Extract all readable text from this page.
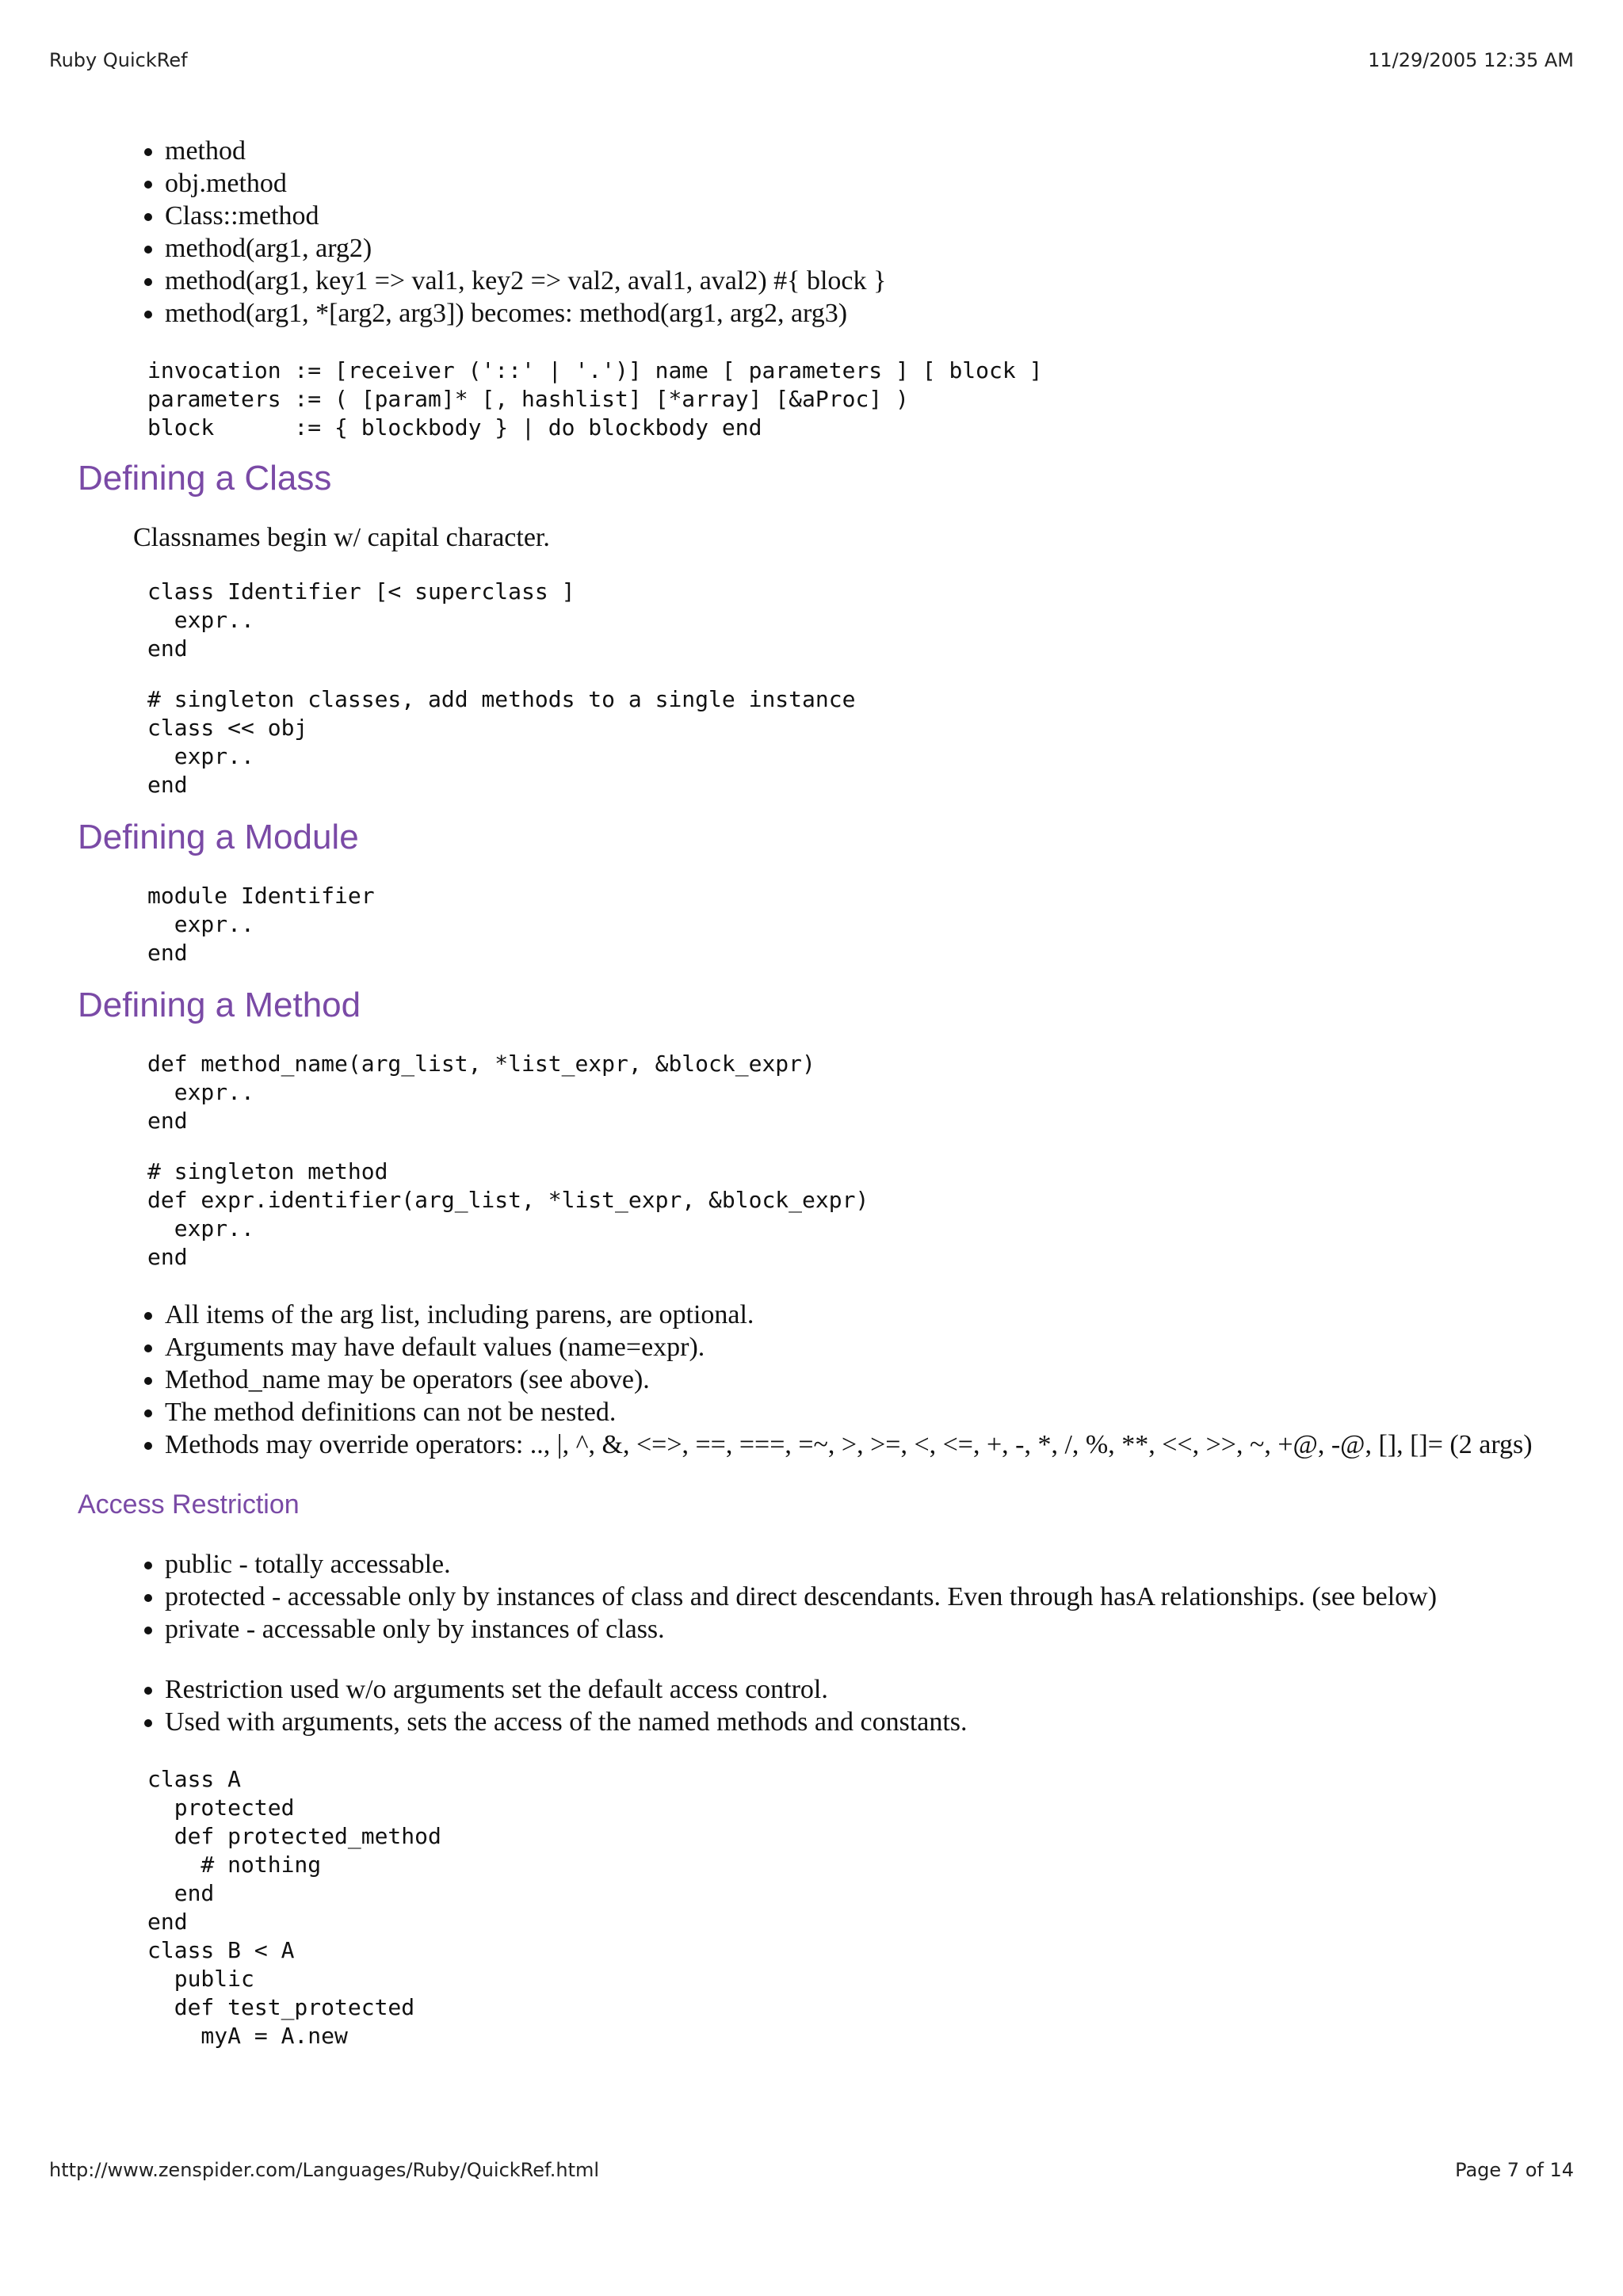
Ruby QuickRef	11/29/2005 12:35 AM
• method
• obj.method
• Class::method
• method(arg1, arg2)
• method(arg1, key1 => val1, key2 => val2, aval1, aval2) #{ block }
• method(arg1, *[arg2, arg3]) becomes: method(arg1, arg2, arg3)
invocation := [receiver ('::' | '.')] name [ parameters ] [ block ]
parameters := ( [param]* [, hashlist] [*array] [&aProc] )
block      := { blockbody } | do blockbody end
Defining a Class

Classnames begin w/ capital character.

class Identifier [< superclass ]
expr..
end
# singleton classes, add methods to a single instance
class << obj
expr..
end
Defining a Module
module Identifier
expr..
end
Defining a Method
def method_name(arg_list, *list_expr, &block_expr)
expr..
end
# singleton method
def expr.identifier(arg_list, *list_expr, &block_expr)
expr..
end
• All items of the arg list, including parens, are optional.
• Arguments may have default values (name=expr).
• Method_name may be operators (see above).
• The method definitions can not be nested.
• Methods may override operators: .., |, ^, &, <=>, ==, ===, =~, >, >=, <, <=, +, -, *, /, %, **, <<, >>, ~, +@, -@, [], []= (2 args)
Access Restriction
• public - totally accessable.
• protected - accessable only by instances of class and direct descendants. Even through hasA relationships. (see below)
• private - accessable only by instances of class.
• Restriction used w/o arguments set the default access control.
• Used with arguments, sets the access of the named methods and constants.
class A
protected
def protected_method
# nothing
end
end
class B < A
public
def test_protected
myA = A.new
http://www.zenspider.com/Languages/Ruby/QuickRef.html	Page 7 of 14
